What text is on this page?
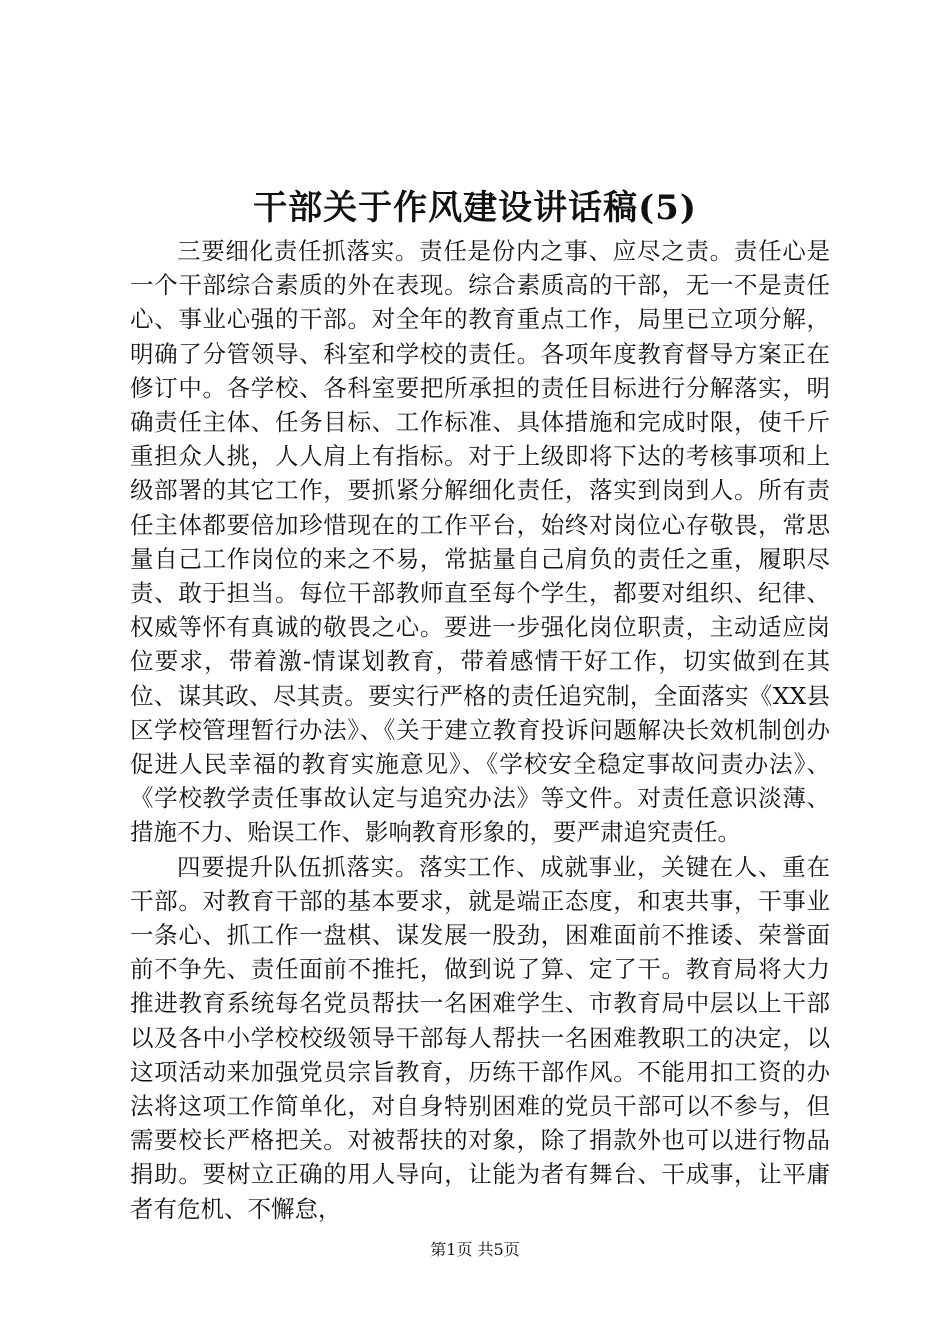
干部关于作风建设讲话稿(5)

三要细化责任抓落实。责任是份内之事、应尽之责。责任心是一个干部综合素质的外在表现。综合素质高的干部，无一不是责任心、事业心强的干部。对全年的教育重点工作，局里已立项分解，明确了分管领导、科室和学校的责任。各项年度教育督导方案正在修订中。各学校、各科室要把所承担的责任目标进行分解落实，明确责任主体、任务目标、工作标准、具体措施和完成时限，使千斤重担众人挑，人人肩上有指标。对于上级即将下达的考核事项和上级部署的其它工作，要抓紧分解细化责任，落实到岗到人。所有责任主体都要倍加珍惜现在的工作平台，始终对岗位心存敬畏，常思量自己工作岗位的来之不易，常掂量自己肩负的责任之重，履职尽责、敢于担当。每位干部教师直至每个学生，都要对组织、纪律、权威等怀有真诚的敬畏之心。要进一步强化岗位职责，主动适应岗位要求，带着激-情谋划教育，带着感情干好工作，切实做到在其位、谋其政、尽其责。要实行严格的责任追究制，全面落实《XX县区学校管理暂行办法》、《关于建立教育投诉问题解决长效机制创办促进人民幸福的教育实施意见》、《学校安全稳定事故问责办法》、《学校教学责任事故认定与追究办法》等文件。对责任意识淡薄、措施不力、贻误工作、影响教育形象的，要严肃追究责任。

四要提升队伍抓落实。落实工作、成就事业，关键在人、重在干部。对教育干部的基本要求，就是端正态度，和衷共事，干事业一条心、抓工作一盘棋、谋发展一股劲，困难面前不推诿、荣誉面前不争先、责任面前不推托，做到说了算、定了干。教育局将大力推进教育系统每名党员帮扶一名困难学生、市教育局中层以上干部以及各中小学校校级领导干部每人帮扶一名困难教职工的决定，以这项活动来加强党员宗旨教育，历练干部作风。不能用扣工资的办法将这项工作简单化，对自身特别困难的党员干部可以不参与，但需要校长严格把关。对被帮扶的对象，除了捐款外也可以进行物品捐助。要树立正确的用人导向，让能为者有舞台、干成事，让平庸者有危机、不懈怠，

第1页 共5页
